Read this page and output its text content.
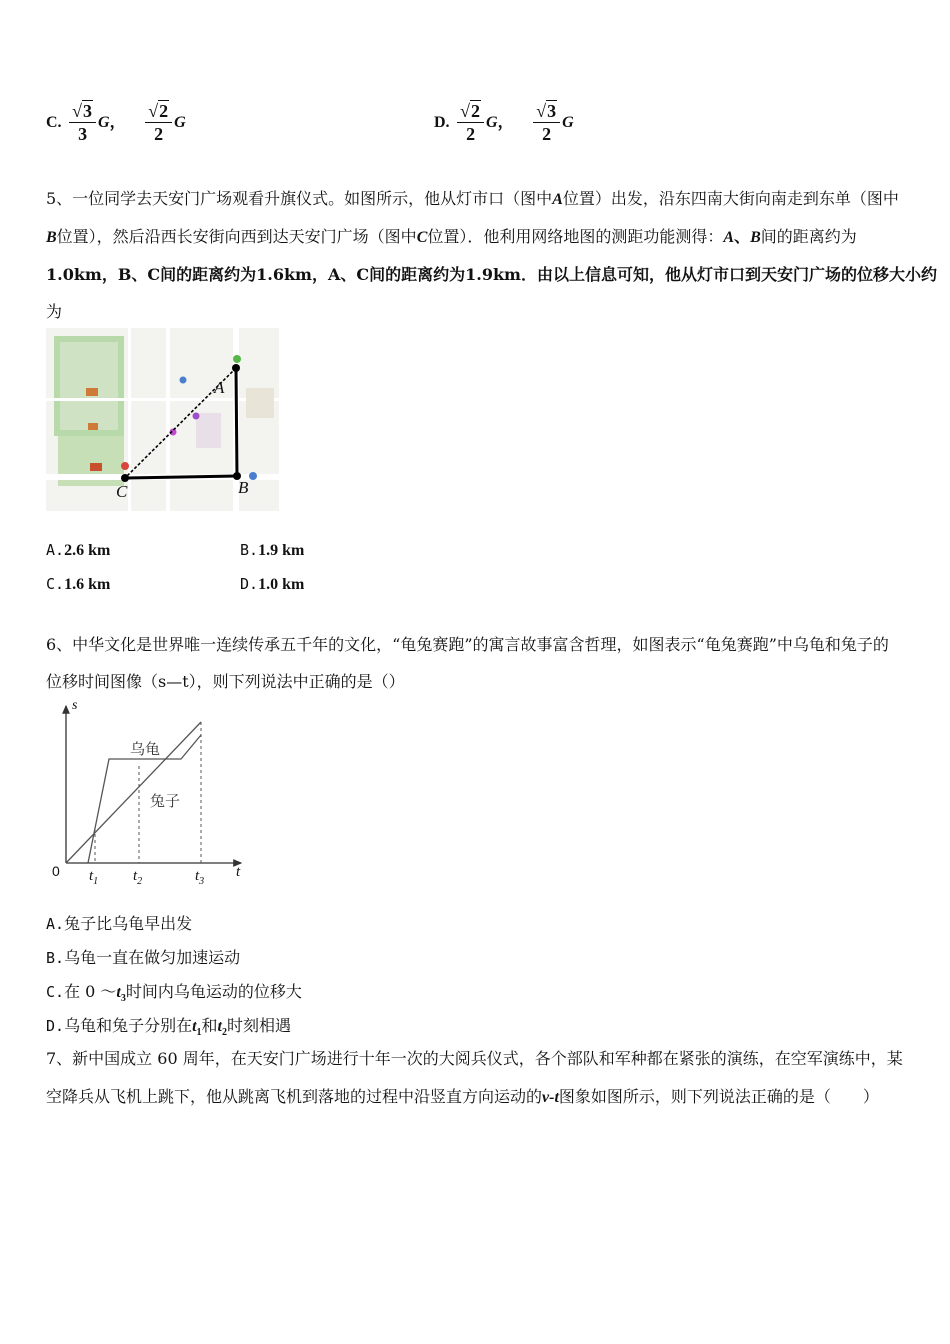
C. $\frac{√3}{3}$ G， $\frac{√2}{2}$ G	D. $\frac{√2}{2}$ G， $\frac{√3}{2}$ G
5、一位同学去天安门广场观看升旗仪式。如图所示，他从灯市口（图中A位置）出发，沿东四南大街向南走到东单（图中
B位置），然后沿西长安街向西到达天安门广场（图中C位置）．他利用网络地图的测距功能测得：A、B间的距离约为
1.0km，B、C间的距离约为1.6km，A、C间的距离约为1.9km．由以上信息可知，他从灯市口到天安门广场的位移大小约
为
A
B
C
A.2.6 km	B.1.9 km
C.1.6 km	D.1.0 km
6、中华文化是世界唯一连续传承五千年的文化，“龟兔赛跑”的寓言故事富含哲理，如图表示“龟兔赛跑”中乌龟和兔子的
位移时间图像（s—t），则下列说法中正确的是（）
s
t
0
乌龟
兔子
$t_1$ $t_2$	$t_3$
A.兔子比乌龟早出发
B.乌龟一直在做匀加速运动
C.在 0 $\sim t_3$时间内乌龟运动的位移大
D.乌龟和兔子分别在$t_1$和$t_2$时刻相遇
7、新中国成立 60 周年，在天安门广场进行十年一次的大阅兵仪式，各个部队和军种都在紧张的演练，在空军演练中，某
空降兵从飞机上跳下，他从跳离飞机到落地的过程中沿竖直方向运动的v-t图象如图所示，则下列说法正确的是（　　）
